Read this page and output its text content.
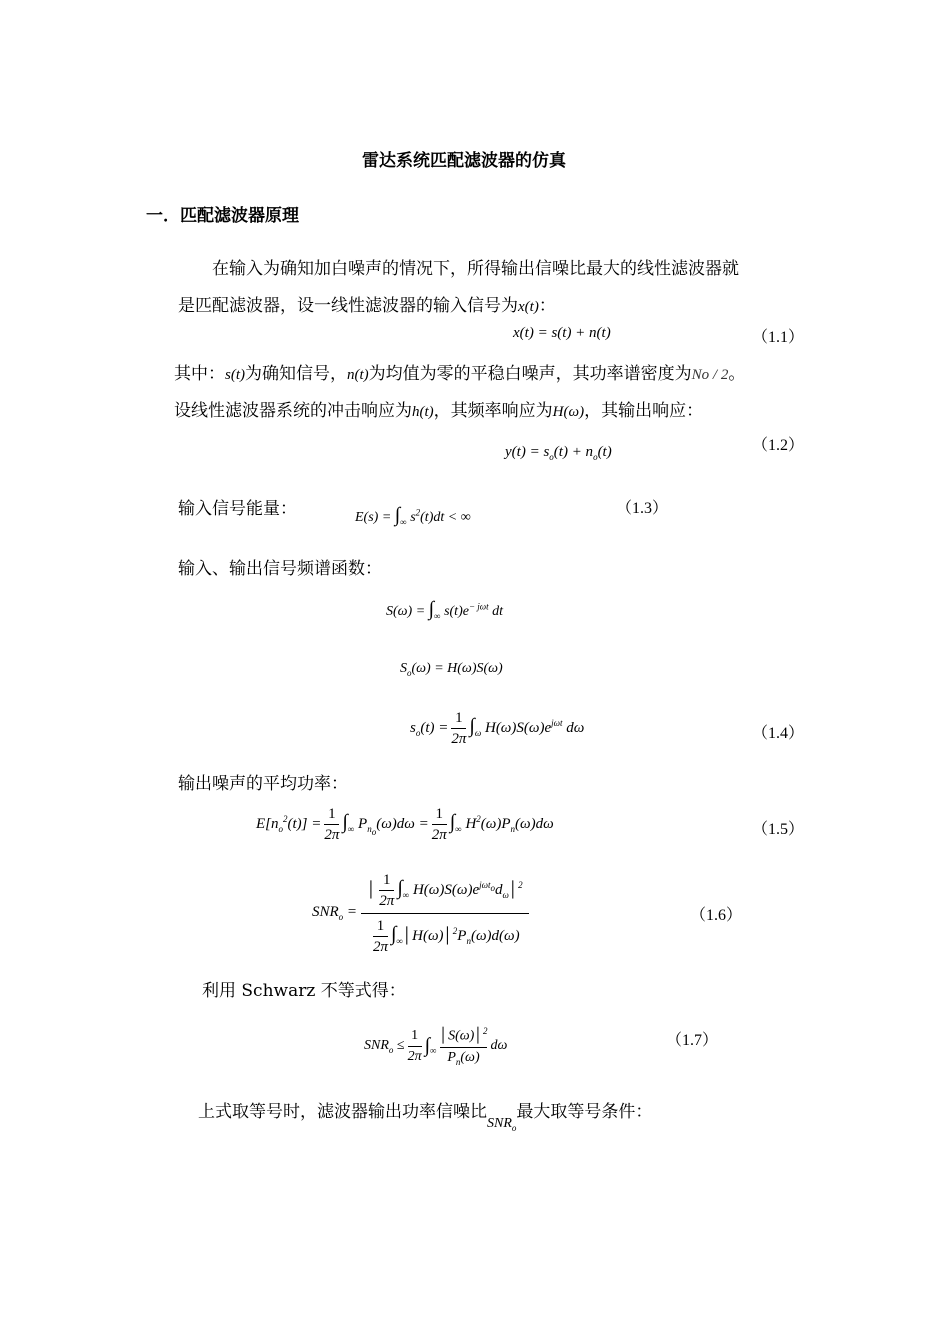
雷达系统匹配滤波器的仿真
一．匹配滤波器原理
在输入为确知加白噪声的情况下，所得输出信噪比最大的线性滤波器就
是匹配滤波器，设一线性滤波器的输入信号为x(t)：
x(t) = s(t) + n(t)	（1.1）
其中：s(t)为确知信号，n(t)为均值为零的平稳白噪声，其功率谱密度为No / 2。
设线性滤波器系统的冲击响应为h(t)，其频率响应为H(ω)，其输出响应：
$y(t) = s_o(t) + n_o(t)$	（1.2）
输入信号能量：	$E(s) = \int_\infty$ $s^2(t)dt$ < ∞
（1.3）
输入、输出信号频谱函数：
$S(\omega) = \int_\infty$ $s(t)e^{- j\omega t}$ dt
$S_o(\omega) = H(\omega)S(\omega)$
$s_o(t) = \frac{1}{2\pi} \int_\omega$ $H(\omega)S(\omega)e^{j\omega t}$ dω	（1.4）
输出噪声的平均功率：
$E[n_o^2(t)] = \frac{1}{2\pi} \int_\infty$ $P_{n_o}(\omega)d\omega = \frac{1}{2\pi} \int_\infty$ $H^2(\omega)P_n(\omega)d\omega$	（1.5）
$SNR_o = \frac{│ \frac{1}{2\pi} \int_\infty H(\omega)S(\omega)e^{j\omega t_o}d_\omega│^2}{\frac{1}{2\pi} \int_\infty│H(\omega)│^2P_n(\omega)d(\omega)}$	（1.6）
利用 Schwarz 不等式得：
$SNR_o \le \frac{1}{2\pi} \int_\infty \frac{│S(\omega)│^2}{P_n(\omega)}$ dω	（1.7）
上式取等号时，滤波器输出功率信噪比$_{SNR_o}$最大取等号条件：
